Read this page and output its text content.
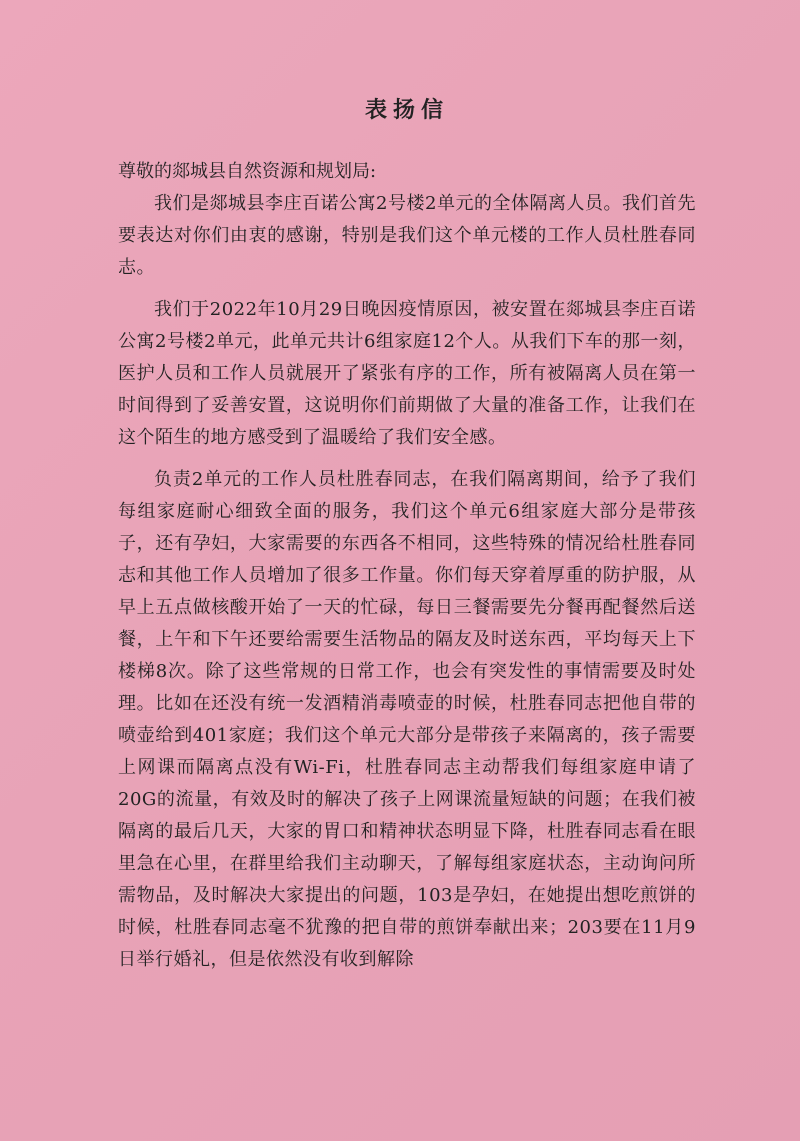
表扬信

尊敬的郯城县自然资源和规划局:

我们是郯城县李庄百诺公寓2号楼2单元的全体隔离人员。我们首先要表达对你们由衷的感谢，特别是我们这个单元楼的工作人员杜胜春同志。

我们于2022年10月29日晚因疫情原因，被安置在郯城县李庄百诺公寓2号楼2单元，此单元共计6组家庭12个人。从我们下车的那一刻，医护人员和工作人员就展开了紧张有序的工作，所有被隔离人员在第一时间得到了妥善安置，这说明你们前期做了大量的准备工作，让我们在这个陌生的地方感受到了温暖给了我们安全感。

负责2单元的工作人员杜胜春同志，在我们隔离期间，给予了我们每组家庭耐心细致全面的服务，我们这个单元6组家庭大部分是带孩子，还有孕妇，大家需要的东西各不相同，这些特殊的情况给杜胜春同志和其他工作人员增加了很多工作量。你们每天穿着厚重的防护服，从早上五点做核酸开始了一天的忙碌，每日三餐需要先分餐再配餐然后送餐，上午和下午还要给需要生活物品的隔友及时送东西，平均每天上下楼梯8次。除了这些常规的日常工作，也会有突发性的事情需要及时处理。比如在还没有统一发酒精消毒喷壶的时候，杜胜春同志把他自带的喷壶给到401家庭；我们这个单元大部分是带孩子来隔离的，孩子需要上网课而隔离点没有Wi-Fi，杜胜春同志主动帮我们每组家庭申请了20G的流量，有效及时的解决了孩子上网课流量短缺的问题；在我们被隔离的最后几天，大家的胃口和精神状态明显下降，杜胜春同志看在眼里急在心里，在群里给我们主动聊天，了解每组家庭状态，主动询问所需物品，及时解决大家提出的问题，103是孕妇，在她提出想吃煎饼的时候，杜胜春同志毫不犹豫的把自带的煎饼奉献出来；203要在11月9日举行婚礼，但是依然没有收到解除
